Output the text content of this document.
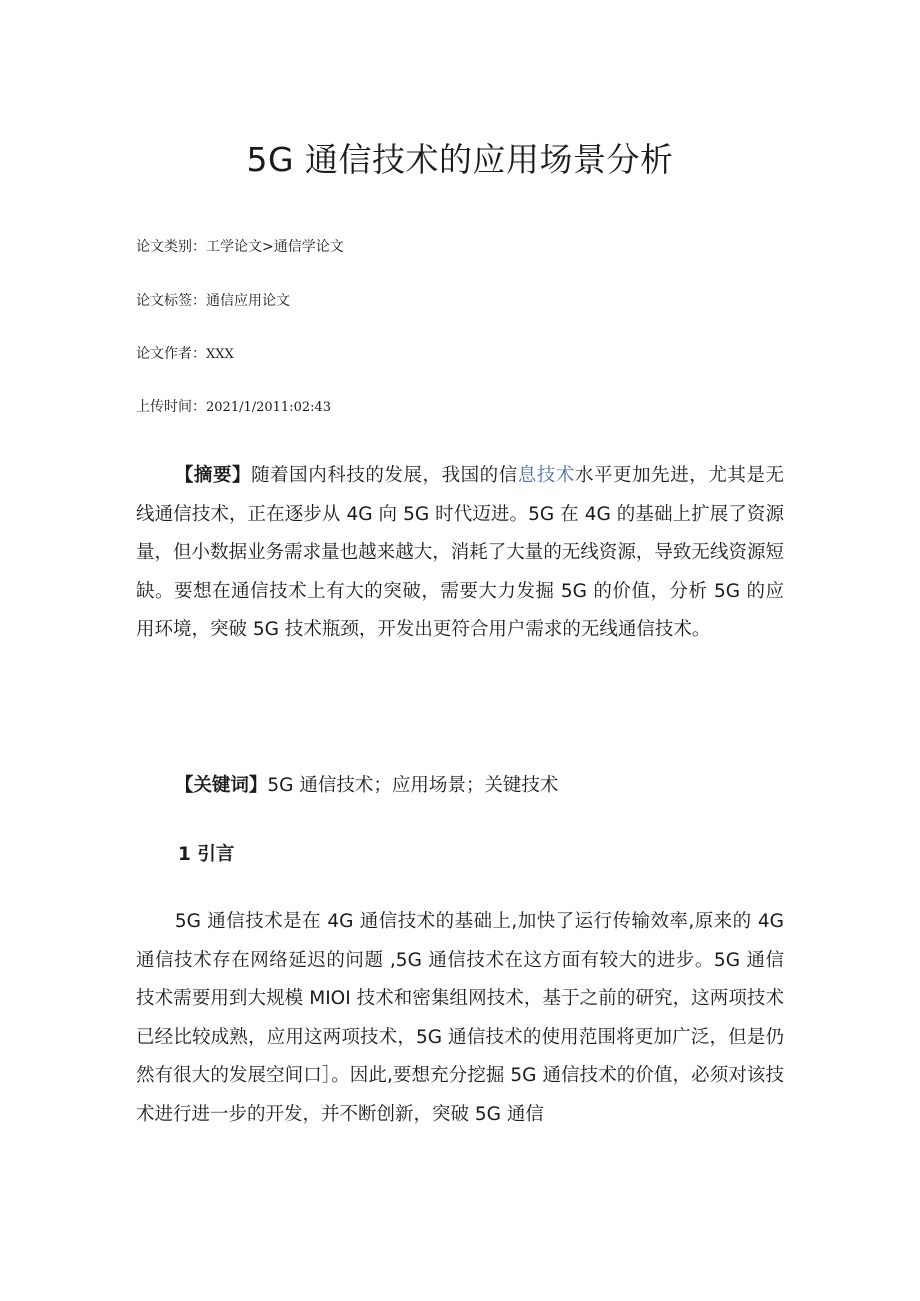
5G 通信技术的应用场景分析
论文类别：工学论文>通信学论文
论文标签：通信应用论文
论文作者：XXX
上传时间：2021/1/2011:02:43

【摘要】随着国内科技的发展，我国的信息技术水平更加先进，尤其是无线通信技术，正在逐步从 4G 向 5G 时代迈进。5G 在 4G 的基础上扩展了资源量，但小数据业务需求量也越来越大，消耗了大量的无线资源，导致无线资源短缺。要想在通信技术上有大的突破，需要大力发掘 5G 的价值，分析 5G 的应用环境，突破 5G 技术瓶颈，开发出更符合用户需求的无线通信技术。

【关键词】5G 通信技术；应用场景；关键技术

1 引言

5G 通信技术是在 4G 通信技术的基础上,加快了运行传输效率,原来的 4G 通信技术存在网络延迟的问题 ,5G 通信技术在这方面有较大的进步。5G 通信技术需要用到大规模 MIOI 技术和密集组网技术，基于之前的研究，这两项技术已经比较成熟，应用这两项技术，5G 通信技术的使用范围将更加广泛，但是仍然有很大的发展空间口］。因此,要想充分挖掘 5G 通信技术的价值，必须对该技术进行进一步的开发，并不断创新，突破 5G 通信
